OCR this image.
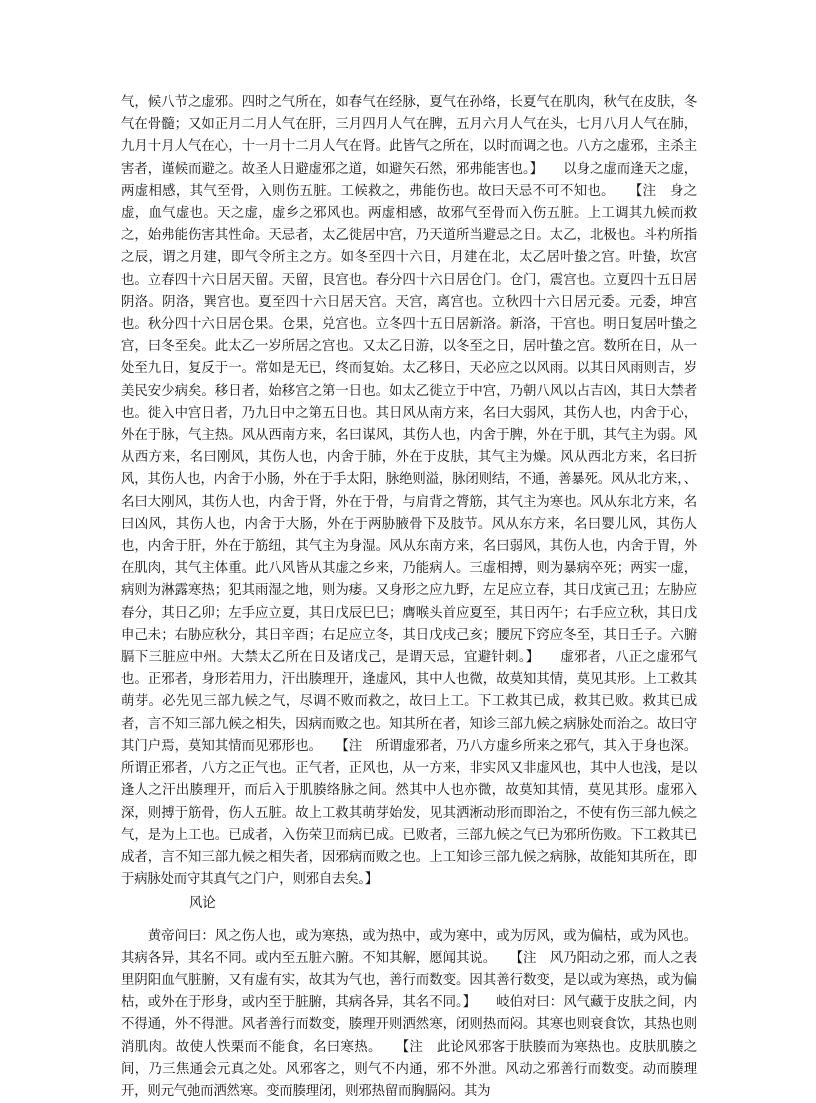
气，候八节之虚邪。四时之气所在，如春气在经脉，夏气在孙络，长夏气在肌肉，秋气在皮肤，冬气在骨髓；又如正月二月人气在肝，三月四月人气在脾，五月六月人气在头，七月八月人气在肺，九月十月人气在心，十一月十二月人气在肾。此皆气之所在，以时而调之也。八方之虚邪，主杀主害者，谨候而避之。故圣人日避虚邪之道，如避矢石然，邪弗能害也。】　　以身之虚而逢天之虚，两虚相感，其气至骨，入则伤五脏。工候救之，弗能伤也。故曰天忌不可不知也。　　【注　身之虚，血气虚也。天之虚，虚乡之邪风也。两虚相感，故邪气至骨而入伤五脏。上工调其九候而救之，始弗能伤害其性命。天忌者，太乙徙居中宫，乃天道所当避忌之日。太乙，北极也。斗杓所指之辰，谓之月建，即气令所主之方。如冬至四十六日，月建在北，太乙居叶蛰之宫。叶蛰，坎宫也。立春四十六日居天留。天留，艮宫也。春分四十六日居仓门。仓门，震宫也。立夏四十五日居阴洛。阴洛，巽宫也。夏至四十六日居天宫。天宫，离宫也。立秋四十六日居元委。元委，坤宫也。秋分四十六日居仓果。仓果，兑宫也。立冬四十五日居新洛。新洛，干宫也。明日复居叶蛰之宫，曰冬至矣。此太乙一岁所居之宫也。又太乙日游，以冬至之日，居叶蛰之宫。数所在日，从一处至九日，复反于一。常如是无已，终而复始。太乙移日，天必应之以风雨。以其日风雨则吉，岁美民安少病矣。移日者，始移宫之第一日也。如太乙徙立于中宫，乃朝八风以占吉凶，其日大禁者也。徙入中宫日者，乃九日中之第五日也。其日风从南方来，名曰大弱风，其伤人也，内舍于心，外在于脉，气主热。风从西南方来，名曰谋风，其伤人也，内舍于脾，外在于肌，其气主为弱。风从西方来，名曰刚风，其伤人也，内舍于肺，外在于皮肤，其气主为燥。风从西北方来，名曰折风，其伤人也，内舍于小肠，外在于手太阳，脉绝则溢，脉闭则结，不通，善暴死。风从北方来，、名曰大刚风，其伤人也，内舍于肾，外在于骨，与肩背之膂筋，其气主为寒也。风从东北方来，名曰凶风，其伤人也，内舍于大肠，外在于两胁腋骨下及肢节。风从东方来，名曰婴儿风，其伤人也，内舍于肝，外在于筋纽，其气主为身湿。风从东南方来，名曰弱风，其伤人也，内舍于胃，外在肌肉，其气主体重。此八风皆从其虚之乡来，乃能病人。三虚相搏，则为暴病卒死；两实一虚，病则为淋露寒热；犯其雨湿之地，则为痿。又身形之应九野，左足应立春，其日戊寅己丑；左胁应春分，其日乙卯；左手应立夏，其日戊辰巳巳；膺喉头首应夏至，其日丙午；右手应立秋，其日戊申己未；右胁应秋分，其日辛酉；右足应立冬，其日戊戌己亥；腰尻下窍应冬至，其日壬子。六腑膈下三脏应中州。大禁太乙所在日及诸戊己，是谓天忌，宜避针刺。】　　虚邪者，八正之虚邪气也。正邪者，身形若用力，汗出腠理开，逢虚风，其中人也微，故莫知其情，莫见其形。上工救其萌芽。必先见三部九候之气，尽调不败而救之，故曰上工。下工救其已成，救其已败。救其已成者，言不知三部九候之相失，因病而败之也。知其所在者，知诊三部九候之病脉处而治之。故曰守其门户焉，莫知其情而见邪形也。　　【注　所谓虚邪者，乃八方虚乡所来之邪气，其入于身也深。所谓正邪者，八方之正气也。正气者，正风也，从一方来，非实风又非虚风也，其中人也浅，是以逢人之汗出腠理开，而后入于肌腠络脉之间。然其中人也亦微，故莫知其情，莫见其形。虚邪入深，则搏于筋骨，伤人五脏。故上工救其萌芽始发，见其洒淅动形而即治之，不使有伤三部九候之气，是为上工也。已成者，入伤荣卫而病已成。已败者，三部九候之气已为邪所伤败。下工救其已成者，言不知三部九候之相失者，因邪病而败之也。上工知诊三部九候之病脉，故能知其所在，即于病脉处而守其真气之门户，则邪自去矣。】

风论

黄帝问曰：风之伤人也，或为寒热，或为热中，或为寒中，或为厉风，或为偏枯，或为风也。其病各异，其名不同。或内至五脏六腑。不知其解，愿闻其说。　　【注　风乃阳动之邪，而人之表里阴阳血气脏腑，又有虚有实，故其为气也，善行而数变。因其善行数变，是以或为寒热，或为偏枯，或外在于形身，或内至于脏腑，其病各异，其名不同。】　　岐伯对曰：风气藏于皮肤之间，内不得通，外不得泄。风者善行而数变，腠理开则洒然寒，闭则热而闷。其寒也则衰食饮，其热也则消肌肉。故使人怢栗而不能食，名曰寒热。　　【注　此论风邪客于肤腠而为寒热也。皮肤肌腠之间，乃三焦通会元真之处。风邪客之，则气不内通，邪不外泄。风动之邪善行而数变。动而腠理开，则元气弛而洒然寒。变而腠理闭，则邪热留而胸膈闷。其为
